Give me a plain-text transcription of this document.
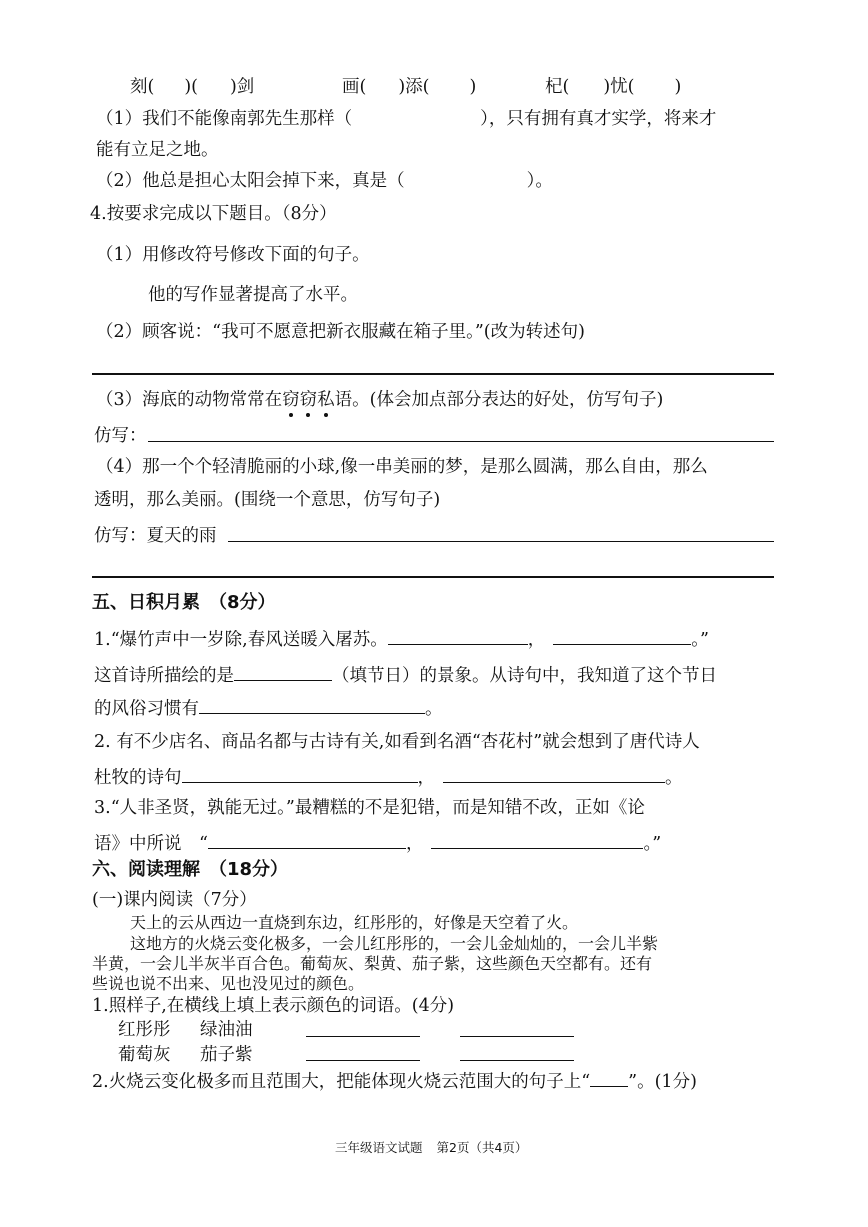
刻( )( )剑	画( )添( )	杞( )忧( )
（1）我们不能像南郭先生那样（	），只有拥有真才实学，将来才
能有立足之地。
（2）他总是担心太阳会掉下来，真是（	）。
4.按要求完成以下题目。（8分）
（1）用修改符号修改下面的句子。
他的写作显著提高了水平。
（2）顾客说：“我可不愿意把新衣服藏在箱子里。”(改为转述句)
（3）海底的动物常常在窃窃私语。(体会加点部分表达的好处，仿写句子)
仿写：
（4）那一个个轻清脆丽的小球,像一串美丽的梦，是那么圆满，那么自由，那么
透明，那么美丽。(围绕一个意思，仿写句子)
仿写：夏天的雨
五、日积月累　（8分）
1.“爆竹声中一岁除,春风送暖入屠苏。	，	。”
这首诗所描绘的是	（填节日）的景象。从诗句中，我知道了这个节日
的风俗习惯有	。
2. 有不少店名、商品名都与古诗有关,如看到名酒“杏花村”就会想到了唐代诗人
杜牧的诗句	，	。
3.“人非圣贤，孰能无过。”最糟糕的不是犯错，而是知错不改，正如《论
语》中所说　“	，	。”
六、阅读理解　（18分）
(一)课内阅读（7分）
天上的云从西边一直烧到东边，红彤彤的，好像是天空着了火。
这地方的火烧云变化极多，一会儿红彤彤的，一会儿金灿灿的，一会儿半紫
半黄，一会儿半灰半百合色。葡萄灰、梨黄、茄子紫，这些颜色天空都有。还有
些说也说不出来、见也没见过的颜色。
1.照样子,在横线上填上表示颜色的词语。(4分)
红彤彤 绿油油
葡萄灰 茄子紫
2.火烧云变化极多而且范围大，把能体现火烧云范围大的句子上“ ”。(1分)
三年级语文试题 第2页（共4页）
